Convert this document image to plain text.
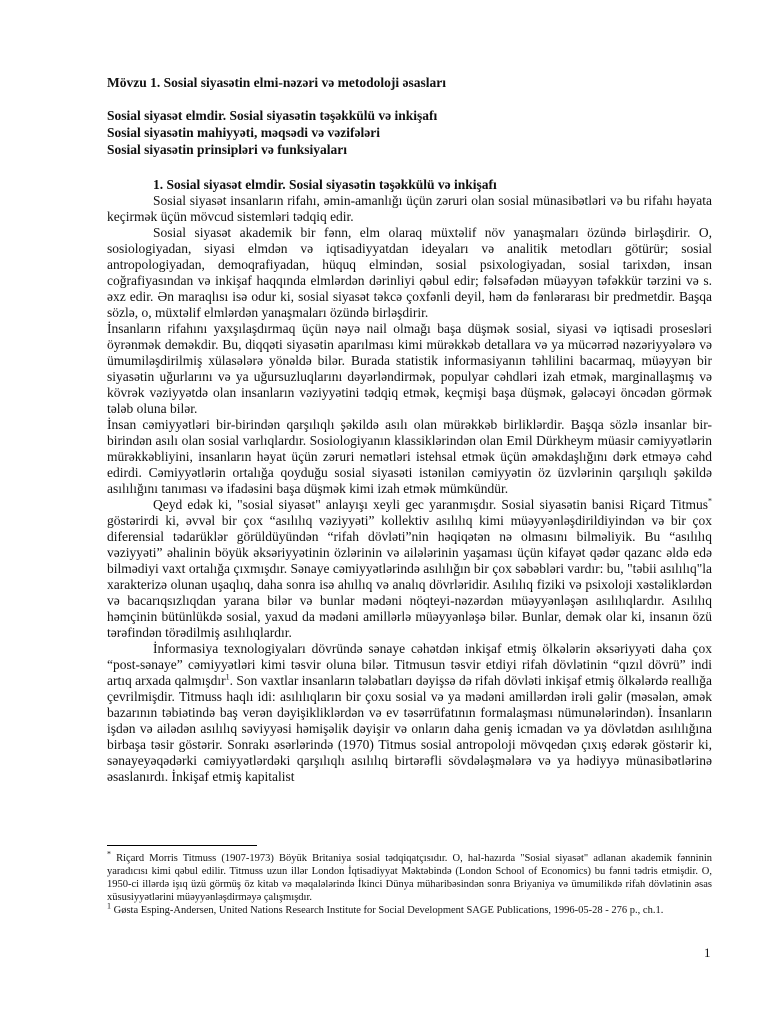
Mövzu 1. Sosial siyasətin elmi-nəzəri və metodoloji əsasları
Sosial siyasət elmdir. Sosial siyasətin təşəkkülü və inkişafı
Sosial siyasətin mahiyyəti, məqsədi və vəzifələri
Sosial siyasətin prinsipləri və funksiyaları
1. Sosial siyasət elmdir. Sosial siyasətin təşəkkülü və inkişafı

Sosial siyasət insanların rifahı, əmin-amanlığı üçün zəruri olan sosial münasibətləri və bu rifahı həyata keçirmək üçün mövcud sistemləri tədqiq edir.

Sosial siyasət akademik bir fənn, elm olaraq müxtəlif növ yanaşmaları özündə birləşdirir. O, sosiologiyadan, siyasi elmdən və iqtisadiyyatdan ideyaları və analitik metodları götürür; sosial antropologiyadan, demoqrafiyadan, hüquq elmindən, sosial psixologiyadan, sosial tarixdən, insan coğrafiyasından və inkişaf haqqında elmlərdən dərinliyi qəbul edir; fəlsəfədən müəyyən təfəkkür tərzini və s. əxz edir. Ən maraqlısı isə odur ki, sosial siyasət təkcə çoxfənli deyil, həm də fənlərarası bir predmetdir. Başqa sözlə, o, müxtəlif elmlərdən yanaşmaları özündə birləşdirir.

İnsanların rifahını yaxşılaşdırmaq üçün nəyə nail olmağı başa düşmək sosial, siyasi və iqtisadi prosesləri öyrənmək deməkdir. Bu, diqqəti siyasətin aparılması kimi mürəkkəb detallara və ya mücərrəd nəzəriyyələrə və ümumiləşdirilmiş xülasələrə yönəldə bilər. Burada statistik informasiyanın təhlilini bacarmaq, müəyyən bir siyasətin uğurlarını və ya uğursuzluqlarını dəyərləndirmək, populyar cəhdləri izah etmək, marginallaşmış və kövrək vəziyyətdə olan insanların vəziyyətini tədqiq etmək, keçmişi başa düşmək, gələcəyi öncədən görmək tələb oluna bilər.

İnsan cəmiyyətləri bir-birindən qarşılıqlı şəkildə asılı olan mürəkkəb birliklərdir. Başqa sözlə insanlar bir-birindən asılı olan sosial varlıqlardır. Sosiologiyanın klassiklərindən olan Emil Dürkheym müasir cəmiyyətlərin mürəkkəbliyini, insanların həyat üçün zəruri nemətləri istehsal etmək üçün əməkdaşlığını dərk etməyə cəhd edirdi. Cəmiyyətlərin ortalığa qoyduğu sosial siyasəti istənilən cəmiyyətin öz üzvlərinin qarşılıqlı şəkildə asılılığını tanıması və ifadəsini başa düşmək kimi izah etmək mümkündür.

Qeyd edək ki, "sosial siyasət" anlayışı xeyli gec yaranmışdır. Sosial siyasətin banisi Riçard Titmus* göstərirdi ki, əvvəl bir çox “asılılıq vəziyyəti” kollektiv asılılıq kimi müəyyənləşdirildiyindən və bir çox diferensial tədarüklər görüldüyündən “rifah dövləti”nin həqiqətən nə olmasını bilməliyik. Bu “asılılıq vəziyyəti” əhalinin böyük əksəriyyətinin özlərinin və ailələrinin yaşaması üçün kifayət qədər qazanc əldə edə bilmədiyi vaxt ortalığa çıxmışdır. Sənaye cəmiyyətlərində asılılığın bir çox səbəbləri vardır: bu, "təbii asılılıq"la xarakterizə olunan uşaqlıq, daha sonra isə ahıllıq və analıq dövrləridir. Asılılıq fiziki və psixoloji xəstəliklərdən və bacarıqsızlıqdan yarana bilər və bunlar mədəni nöqteyi-nəzərdən müəyyənləşən asılılıqlardır. Asılılıq həmçinin bütünlükdə sosial, yaxud da mədəni amillərlə müəyyənləşə bilər. Bunlar, demək olar ki, insanın özü tərəfindən törədilmiş asılılıqlardır.

İnformasiya texnologiyaları dövründə sənaye cəhətdən inkişaf etmiş ölkələrin əksəriyyəti daha çox “post-sənaye” cəmiyyətləri kimi təsvir oluna bilər. Titmusun təsvir etdiyi rifah dövlətinin “qızıl dövrü” indi artıq arxada qalmışdır$^1$. Son vaxtlar insanların tələbatları dəyişsə də rifah dövləti inkişaf etmiş ölkələrdə reallığa çevrilmişdir. Titmuss haqlı idi: asılılıqların bir çoxu sosial və ya mədəni amillərdən irəli gəlir (məsələn, əmək bazarının təbiətində baş verən dəyişikliklərdən və ev təsərrüfatının formalaşması nümunələrindən). İnsanların işdən və ailədən asılılıq səviyyəsi həmişəlik dəyişir və onların daha geniş icmadan və ya dövlətdən asılılığına birbaşa təsir göstərir. Sonrakı əsərlərində (1970) Titmus sosial antropoloji mövqedən çıxış edərək göstərir ki, sənayeyəqədərki cəmiyyətlərdəki qarşılıqlı asılılıq birtərəfli sövdələşmələrə və ya hədiyyə münasibətlərinə əsaslanırdı. İnkişaf etmiş kapitalist

* Riçard Morris Titmuss (1907-1973) Böyük Britaniya sosial tədqiqatçısıdır. O, hal-hazırda "Sosial siyasət" adlanan akademik fənninin yaradıcısı kimi qəbul edilir. Titmuss uzun illər London İqtisadiyyat Məktəbində (London School of Economics) bu fənni tədris etmişdir. O, 1950-ci illərdə işıq üzü görmüş öz kitab və məqalələrində İkinci Dünya müharibəsindən sonra Briyaniya və ümumilikdə rifah dövlətinin əsas xüsusiyyətlərini müəyyənləşdirməyə çalışmışdır.

$^1$ Gøsta Esping-Andersen, United Nations Research Institute for Social Development SAGE Publications, 1996-05-28 - 276 p., ch.1.

1
